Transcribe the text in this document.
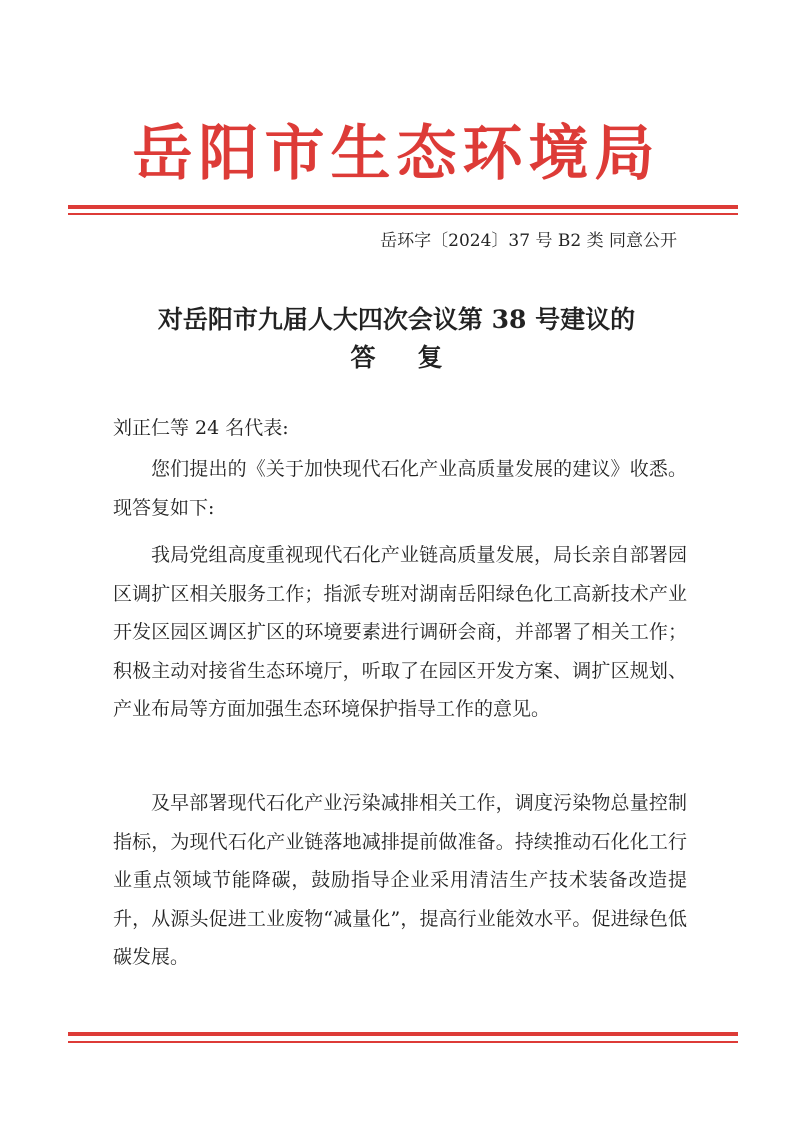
岳阳市生态环境局
岳环字〔2024〕37 号 B2 类 同意公开
对岳阳市九届人大四次会议第 38 号建议的
答复
刘正仁等 24 名代表:

您们提出的《关于加快现代石化产业高质量发展的建议》收悉。现答复如下:

我局党组高度重视现代石化产业链高质量发展，局长亲自部署园区调扩区相关服务工作；指派专班对湖南岳阳绿色化工高新技术产业开发区园区调区扩区的环境要素进行调研会商，并部署了相关工作；积极主动对接省生态环境厅，听取了在园区开发方案、调扩区规划、产业布局等方面加强生态环境保护指导工作的意见。

及早部署现代石化产业污染减排相关工作，调度污染物总量控制指标，为现代石化产业链落地减排提前做准备。持续推动石化化工行业重点领域节能降碳，鼓励指导企业采用清洁生产技术装备改造提升，从源头促进工业废物“减量化”，提高行业能效水平。促进绿色低碳发展。
